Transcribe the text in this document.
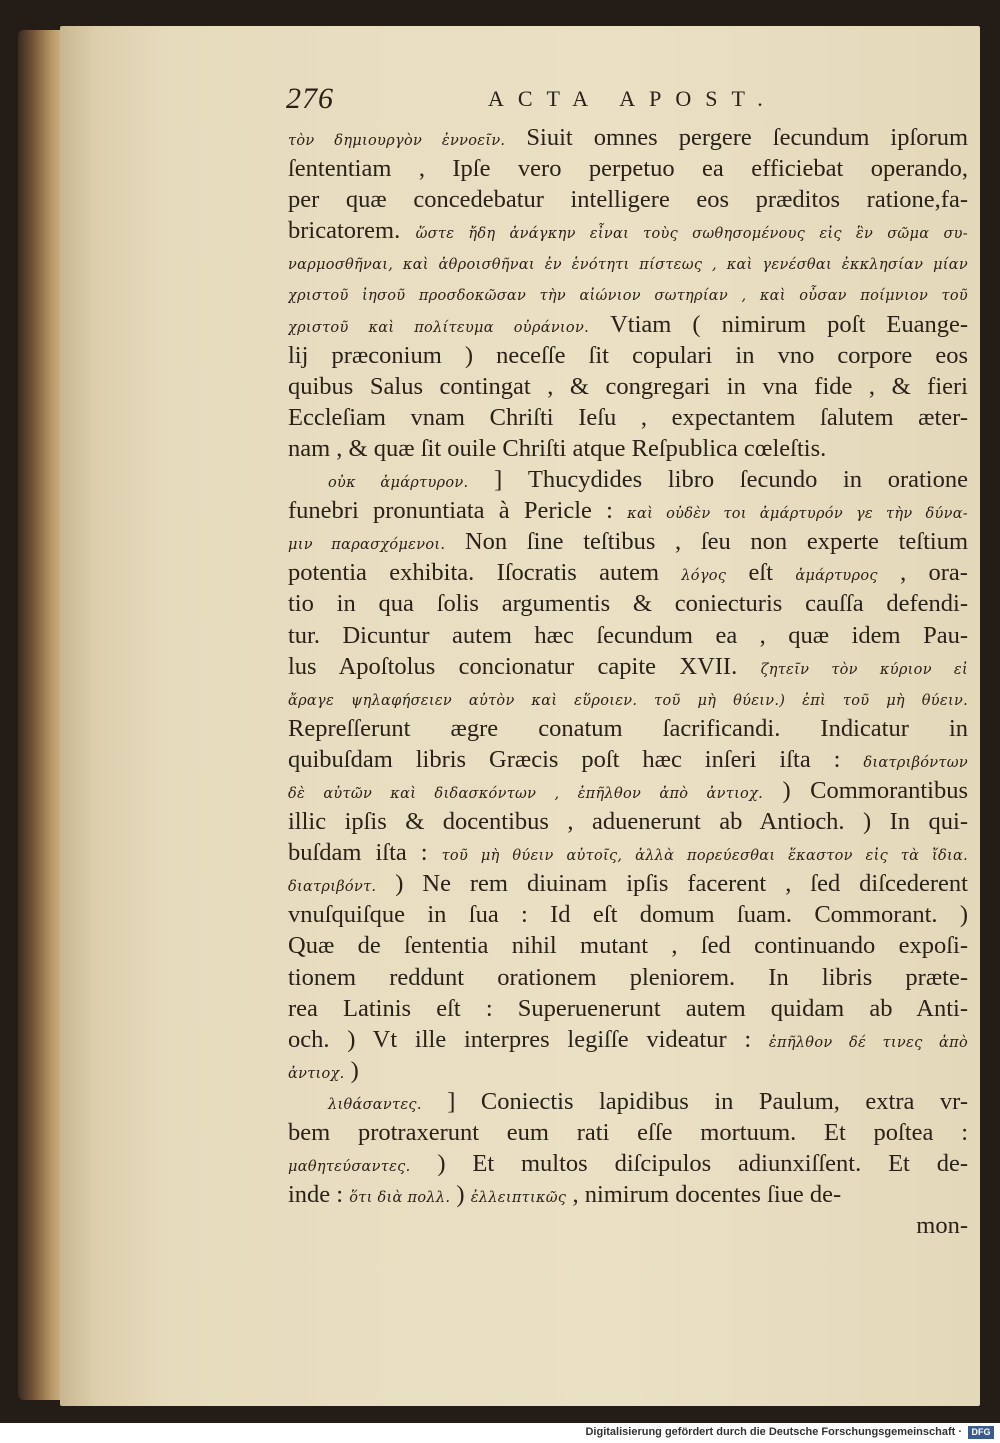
276	ACTA APOST.
τὸν δημιουργὸν ἐννοεῖν. Siuit omnes pergere ſecundum ipſorum
ſententiam , Ipſe vero perpetuo ea efficiebat operando,
per quæ concedebatur intelligere eos præditos ratione,fa-
bricatorem. ὥστε ἤδη ἀνάγκην εἶναι τοὺς σωθησομένους εἰς ἓν σῶμα συ-
ναρμοσθῆναι, καὶ ἀθροισθῆναι ἐν ἑνότητι πίστεως , καὶ γενέσθαι ἐκκλησίαν μίαν
χριστοῦ ἰησοῦ προσδοκῶσαν τὴν αἰώνιον σωτηρίαν , καὶ οὖσαν ποίμνιον τοῦ
χριστοῦ καὶ πολίτευμα οὐράνιον. Vtiam ( nimirum poſt Euange-
lij præconium ) neceſſe ſit copulari in vno corpore eos
quibus Salus contingat , & congregari in vna fide , & fieri
Eccleſiam vnam Chriſti Ieſu , expectantem ſalutem æter-
nam , & quæ ſit ouile Chriſti atque Reſpublica cœleſtis.
οὐκ ἀμάρτυρον. ] Thucydides libro ſecundo in oratione
funebri pronuntiata à Pericle : καὶ οὐδὲν τοι ἀμάρτυρόν γε τὴν δύνα-
μιν παρασχόμενοι. Non ſine teſtibus , ſeu non experte teſtium
potentia exhibita. Iſocratis autem λόγος eſt ἀμάρτυρος , ora-
tio in qua ſolis argumentis & coniecturis cauſſa defendi-
tur. Dicuntur autem hæc ſecundum ea , quæ idem Pau-
lus Apoſtolus concionatur capite XVII. ζητεῖν τὸν κύριον εἰ
ἄραγε ψηλαφήσειεν αὐτὸν καὶ εὕροιεν. τοῦ μὴ θύειν.) ἐπὶ τοῦ μὴ θύειν.
Repreſſerunt ægre conatum ſacrificandi. Indicatur in
quibuſdam libris Græcis poſt hæc inſeri iſta : διατριβόντων
δὲ αὐτῶν καὶ διδασκόντων , ἐπῆλθον ἀπὸ ἀντιοχ. ) Commorantibus
illic ipſis & docentibus , aduenerunt ab Antioch. ) In qui-
buſdam iſta : τοῦ μὴ θύειν αὐτοῖς, ἀλλὰ πορεύεσθαι ἕκαστον εἰς τὰ ἴδια.
διατριβόντ. ) Ne rem diuinam ipſis facerent , ſed diſcederent
vnuſquiſque in ſua : Id eſt domum ſuam. Commorant. )
Quæ de ſententia nihil mutant , ſed continuando expoſi-
tionem reddunt orationem pleniorem. In libris præte-
rea Latinis eſt : Superuenerunt autem quidam ab Anti-
och. ) Vt ille interpres legiſſe videatur : ἐπῆλθον δέ τινες ἀπὸ
ἀντιοχ. )
λιθάσαντες. ] Coniectis lapidibus in Paulum, extra vr-
bem protraxerunt eum rati eſſe mortuum. Et poſtea :
μαθητεύσαντες. ) Et multos diſcipulos adiunxiſſent. Et de-
inde : ὅτι διὰ πολλ. ) ἐλλειπτικῶς , nimirum docentes ſiue de-
mon-
Digitalisierung gefördert durch die Deutsche Forschungsgemeinschaft ·	DFG
